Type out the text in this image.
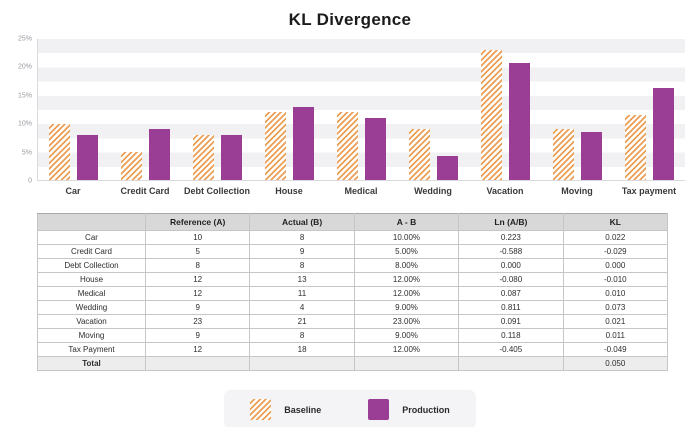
KL Divergence
25%
20%
15%
10%
5%
0
Car	Credit Card	Debt Collection	House	Medical	Wedding	Vacation	Moving	Tax payment
	Reference (A)	Actual (B)	A - B	Ln (A/B)	KL
Car	10	8	10.00%	0.223	0.022
Credit Card	5	9	5.00%	-0.588	-0.029
Debt Collection	8	8	8.00%	0.000	0.000
House	12	13	12.00%	-0.080	-0.010
Medical	12	11	12.00%	0.087	0.010
Wedding	9	4	9.00%	0.811	0.073
Vacation	23	21	23.00%	0.091	0.021
Moving	9	8	9.00%	0.118	0.011
Tax Payment	12	18	12.00%	-0.405	-0.049
Total					0.050
Baseline	Production
